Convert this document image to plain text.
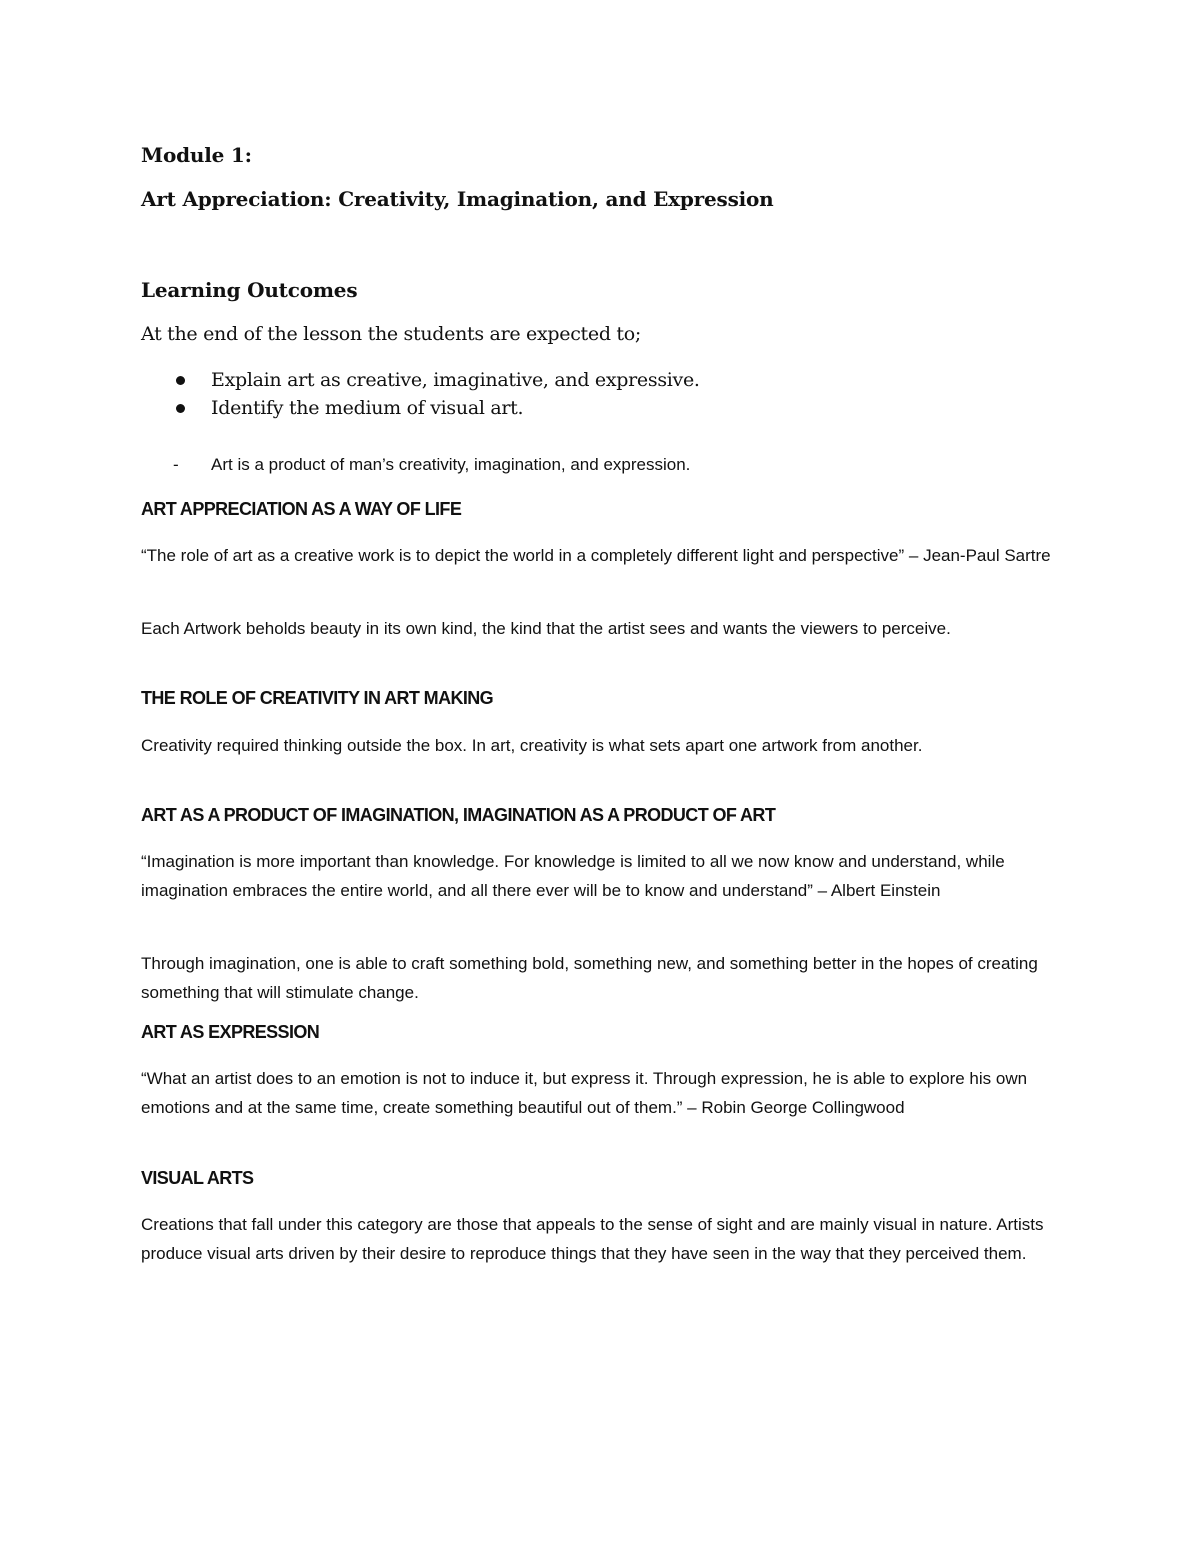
Module 1:
Art Appreciation: Creativity, Imagination, and Expression
Learning Outcomes

At the end of the lesson the students are expected to;

Explain art as creative, imaginative, and expressive.
Identify the medium of visual art.

- Art is a product of man’s creativity, imagination, and expression.

ART APPRECIATION AS A WAY OF LIFE

“The role of art as a creative work is to depict the world in a completely different light and perspective” – Jean-Paul Sartre

Each Artwork beholds beauty in its own kind, the kind that the artist sees and wants the viewers to perceive.

THE ROLE OF CREATIVITY IN ART MAKING

Creativity required thinking outside the box. In art, creativity is what sets apart one artwork from another.

ART AS A PRODUCT OF IMAGINATION, IMAGINATION AS A PRODUCT OF ART

“Imagination is more important than knowledge. For knowledge is limited to all we now know and understand, while imagination embraces the entire world, and all there ever will be to know and understand” – Albert Einstein

Through imagination, one is able to craft something bold, something new, and something better in the hopes of creating something that will stimulate change.

ART AS EXPRESSION

“What an artist does to an emotion is not to induce it, but express it. Through expression, he is able to explore his own emotions and at the same time, create something beautiful out of them.” – Robin George Collingwood

VISUAL ARTS

Creations that fall under this category are those that appeals to the sense of sight and are mainly visual in nature. Artists produce visual arts driven by their desire to reproduce things that they have seen in the way that they perceived them.
